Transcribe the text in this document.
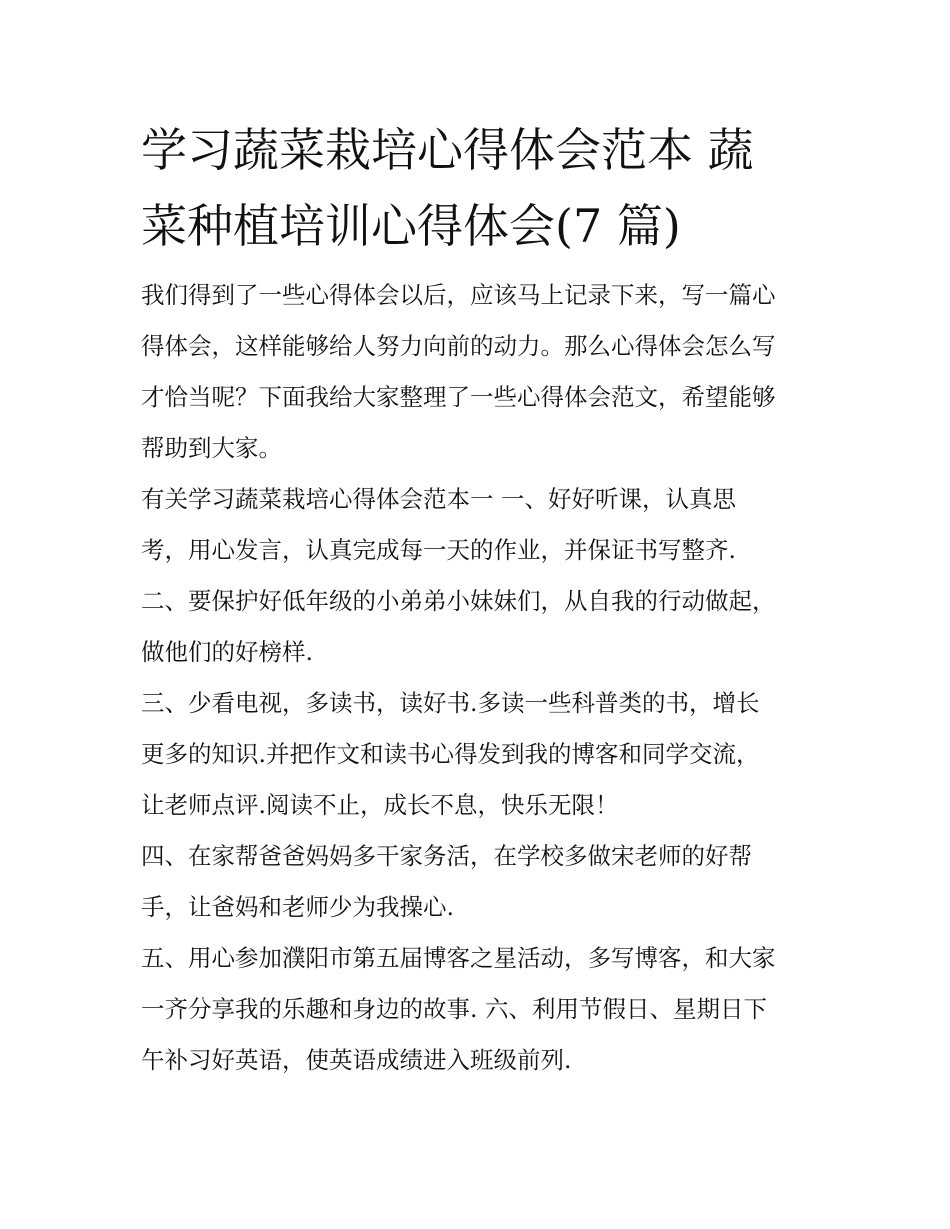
学习蔬菜栽培心得体会范本 蔬
菜种植培训心得体会(7 篇)

我们得到了一些心得体会以后，应该马上记录下来，写一篇心
得体会，这样能够给人努力向前的动力。那么心得体会怎么写
才恰当呢？下面我给大家整理了一些心得体会范文，希望能够
帮助到大家。

有关学习蔬菜栽培心得体会范本一 一、好好听课，认真思
考，用心发言，认真完成每一天的作业，并保证书写整齐.

二、要保护好低年级的小弟弟小妹妹们，从自我的行动做起，
做他们的好榜样.

三、少看电视，多读书，读好书.多读一些科普类的书，增长
更多的知识.并把作文和读书心得发到我的博客和同学交流，
让老师点评.阅读不止，成长不息，快乐无限！

四、在家帮爸爸妈妈多干家务活，在学校多做宋老师的好帮
手，让爸妈和老师少为我操心.

五、用心参加濮阳市第五届博客之星活动，多写博客，和大家
一齐分享我的乐趣和身边的故事. 六、利用节假日、星期日下
午补习好英语，使英语成绩进入班级前列.
